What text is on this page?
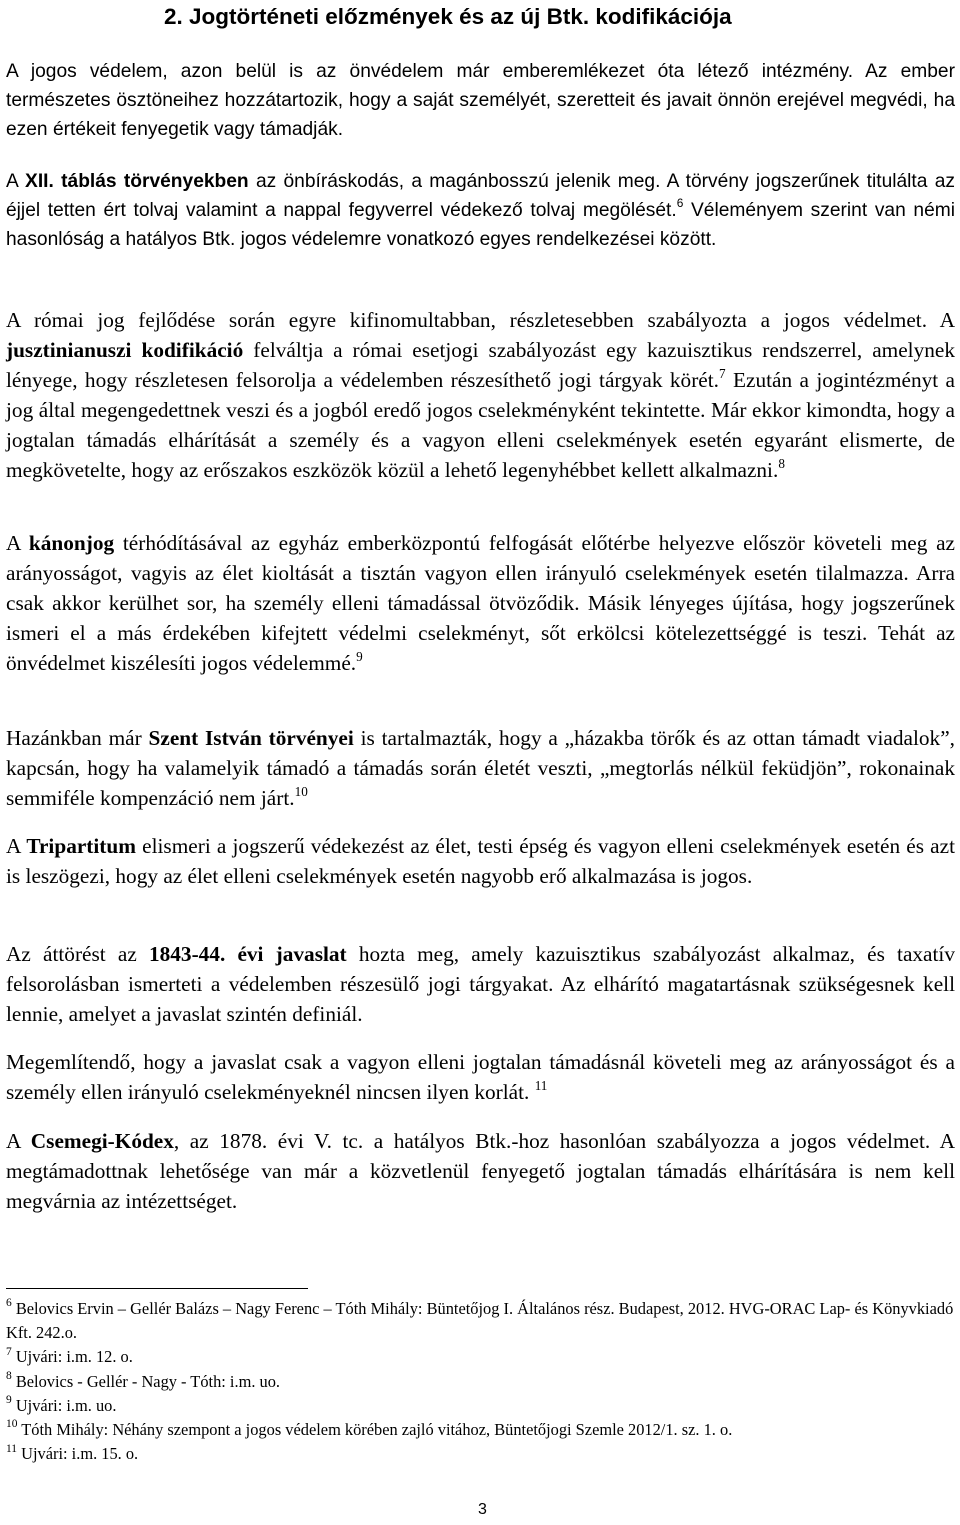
2. Jogtörténeti előzmények és az új Btk. kodifikációja

A jogos védelem, azon belül is az önvédelem már emberemlékezet óta létező intézmény. Az ember természetes ösztöneihez hozzátartozik, hogy a saját személyét, szeretteit és javait önnön erejével megvédi, ha ezen értékeit fenyegetik vagy támadják.

A XII. táblás törvényekben az önbíráskodás, a magánbosszú jelenik meg. A törvény jogszerűnek titulálta az éjjel tetten ért tolvaj valamint a nappal fegyverrel védekező tolvaj megölését.$^6$ Véleményem szerint van némi hasonlóság a hatályos Btk. jogos védelemre vonatkozó egyes rendelkezései között.

A római jog fejlődése során egyre kifinomultabban, részletesebben szabályozta a jogos védelmet. A jusztinianuszi kodifikáció felváltja a római esetjogi szabályozást egy kazuisztikus rendszerrel, amelynek lényege, hogy részletesen felsorolja a védelemben részesíthető jogi tárgyak körét.$^7$ Ezután a jogintézményt a jog által megengedettnek veszi és a jogból eredő jogos cselekményként tekintette. Már ekkor kimondta, hogy a jogtalan támadás elhárítását a személy és a vagyon elleni cselekmények esetén egyaránt elismerte, de megkövetelte, hogy az erőszakos eszközök közül a lehető legenyhébbet kellett alkalmazni.$^8$

A kánonjog térhódításával az egyház emberközpontú felfogását előtérbe helyezve először követeli meg az arányosságot, vagyis az élet kioltását a tisztán vagyon ellen irányuló cselekmények esetén tilalmazza. Arra csak akkor kerülhet sor, ha személy elleni támadással ötvöződik. Másik lényeges újítása, hogy jogszerűnek ismeri el a más érdekében kifejtett védelmi cselekményt, sőt erkölcsi kötelezettséggé is teszi. Tehát az önvédelmet kiszélesíti jogos védelemmé.$^9$

Hazánkban már Szent István törvényei is tartalmazták, hogy a „házakba törők és az ottan támadt viadalok”, kapcsán, hogy ha valamelyik támadó a támadás során életét veszti, „megtorlás nélkül feküdjön”, rokonainak semmiféle kompenzáció nem járt.$^{10}$

A Tripartitum elismeri a jogszerű védekezést az élet, testi épség és vagyon elleni cselekmények esetén és azt is leszögezi, hogy az élet elleni cselekmények esetén nagyobb erő alkalmazása is jogos.

Az áttörést az 1843-44. évi javaslat hozta meg, amely kazuisztikus szabályozást alkalmaz, és taxatív felsorolásban ismerteti a védelemben részesülő jogi tárgyakat. Az elhárító magatartásnak szükségesnek kell lennie, amelyet a javaslat szintén definiál.

Megemlítendő, hogy a javaslat csak a vagyon elleni jogtalan támadásnál követeli meg az arányosságot és a személy ellen irányuló cselekményeknél nincsen ilyen korlát. $^{11}$

A Csemegi-Kódex, az 1878. évi V. tc. a hatályos Btk.-hoz hasonlóan szabályozza a jogos védelmet. A megtámadottnak lehetősége van már a közvetlenül fenyegető jogtalan támadás elhárítására is nem kell megvárnia az intézettséget.

$^6$ Belovics Ervin – Gellér Balázs – Nagy Ferenc – Tóth Mihály: Büntetőjog I. Általános rész. Budapest, 2012. HVG-ORAC Lap- és Könyvkiadó Kft. 242.o.
$^7$ Ujvári: i.m. 12. o.
$^8$ Belovics - Gellér - Nagy - Tóth: i.m. uo.
$^9$ Ujvári: i.m. uo.
$^{10}$ Tóth Mihály: Néhány szempont a jogos védelem körében zajló vitához, Büntetőjogi Szemle 2012/1. sz. 1. o.
$^{11}$ Ujvári: i.m. 15. o.
3
